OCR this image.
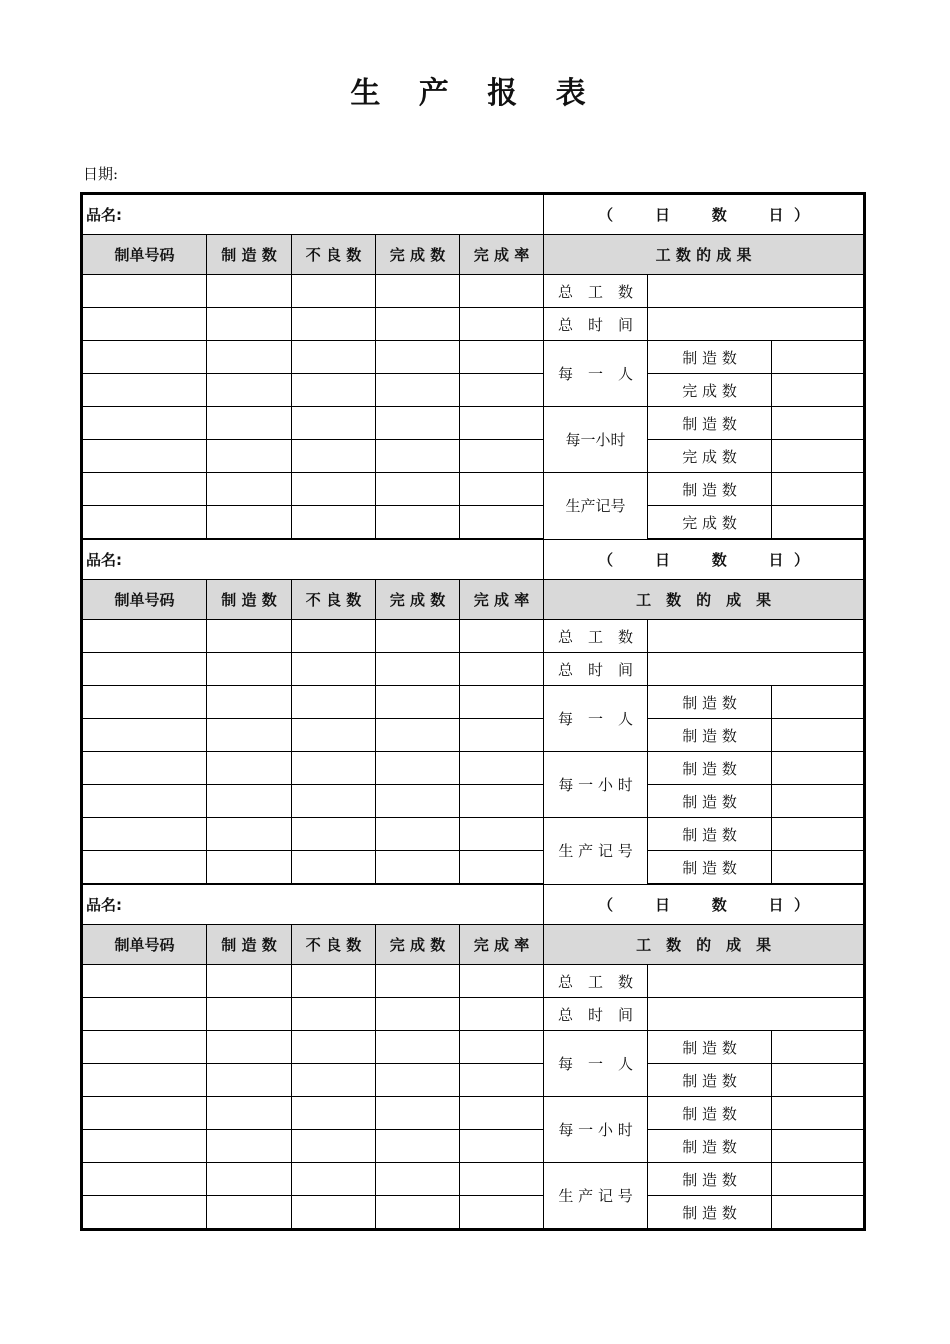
生 产 报 表
日期:
品名:					（        日        数        日  ）		
制单号码	制 造 数	不 良 数	完 成 数	完 成 率	工 数 的 成 果		
					总　工　数		
					总　时　间		
					每　一　人	制 造 数	
						完 成 数	
					每一小时	制 造 数	
						完 成 数	
					生产记号	制 造 数	
						完 成 数	
品名:					（        日        数        日  ）		
制单号码	制 造 数	不 良 数	完 成 数	完 成 率	工　数　的　成　果		
					总　工　数		
					总　时　间		
					每　一　人	制 造 数	
						制 造 数	
					每 一 小 时	制 造 数	
						制 造 数	
					生 产 记 号	制 造 数	
						制 造 数	
品名:					（        日        数        日  ）		
制单号码	制 造 数	不 良 数	完 成 数	完 成 率	工　数　的　成　果		
					总　工　数		
					总　时　间		
					每　一　人	制 造 数	
						制 造 数	
					每 一 小 时	制 造 数	
						制 造 数	
					生 产 记 号	制 造 数	
						制 造 数	
